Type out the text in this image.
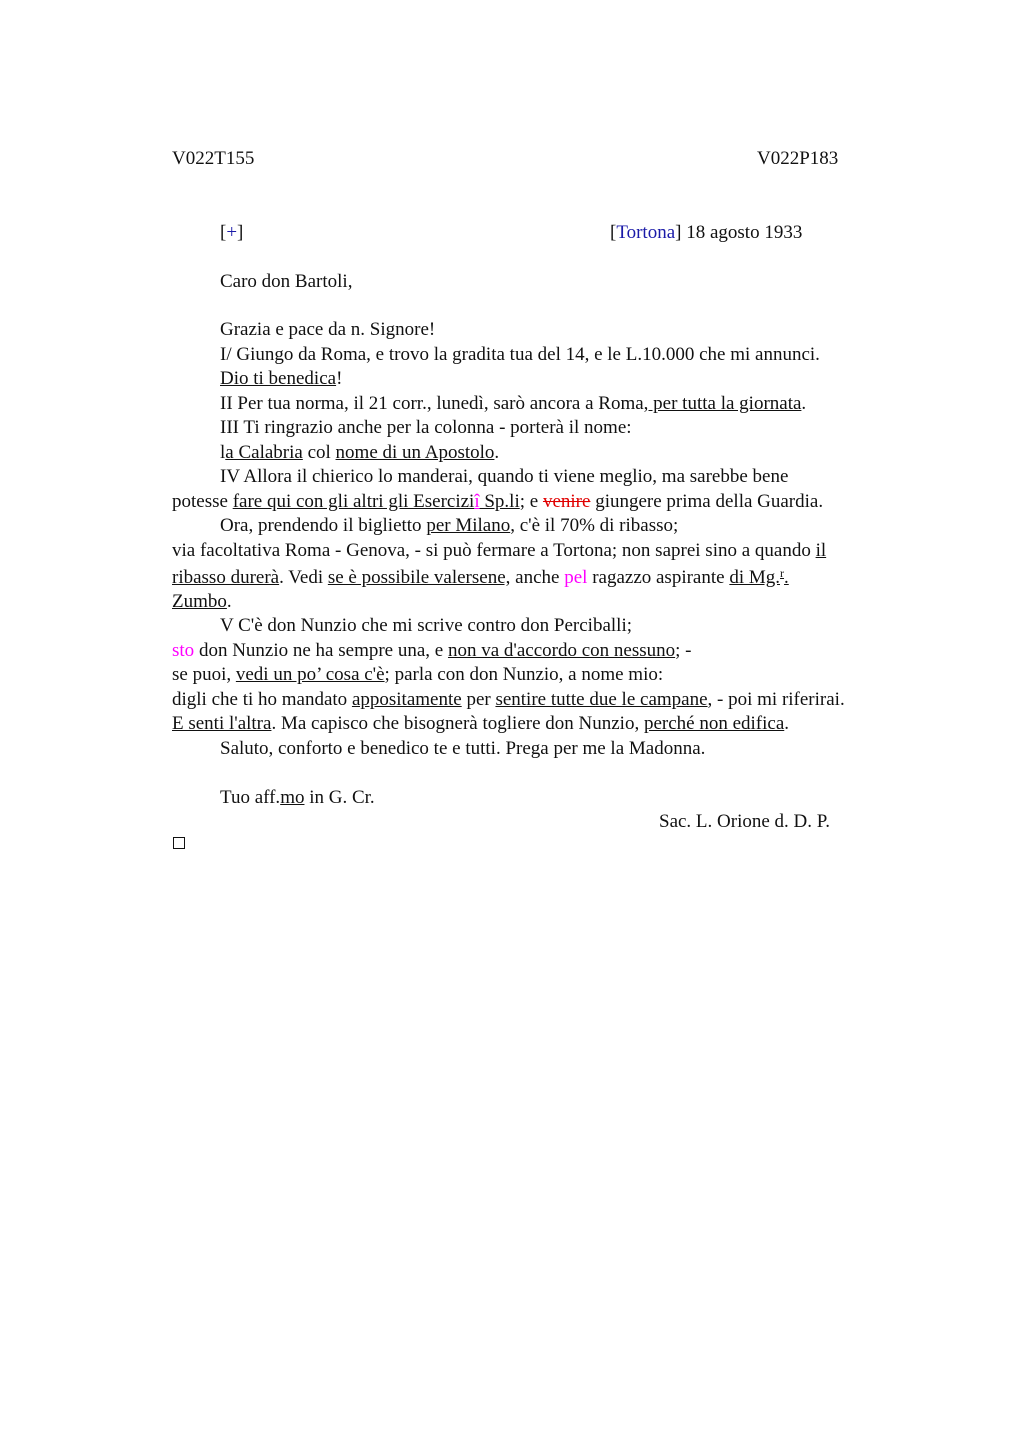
V022T155	V022P183
[+]	[Tortona] 18 agosto 1933
Caro don Bartoli,
Grazia e pace da n. Signore!
I/ Giungo da Roma, e trovo la gradita tua del 14, e le L.10.000 che mi annunci.
Dio ti benedica!
II Per tua norma, il 21 corr., lunedì, sarò ancora a Roma, per tutta la giornata.
III Ti ringrazio anche per la colonna - porterà il nome:
la Calabria col nome di un Apostolo.
IV Allora il chierico lo manderai, quando ti viene meglio, ma sarebbe bene
potesse fare qui con gli altri gli Eserciziî Sp.li; e venire giungere prima della Guardia.
Ora, prendendo il biglietto per Milano, c'è il 70% di ribasso;
via facoltativa Roma - Genova, - si può fermare a Tortona; non saprei sino a quando il
ribasso durerà. Vedi se è possibile valersene, anche pel ragazzo aspirante di Mg.$^r$.
Zumbo.
V C'è don Nunzio che mi scrive contro don Perciballi;
sto don Nunzio ne ha sempre una, e non va d'accordo con nessuno; -
se puoi, vedi un po’ cosa c'è; parla con don Nunzio, a nome mio:
digli che ti ho mandato appositamente per sentire tutte due le campane, - poi mi riferirai.
E senti l'altra. Ma capisco che bisognerà togliere don Nunzio, perché non edifica.
Saluto, conforto e benedico te e tutti. Prega per me la Madonna.
Tuo aff.mo in G. Cr.
Sac. L. Orione d. D. P.
